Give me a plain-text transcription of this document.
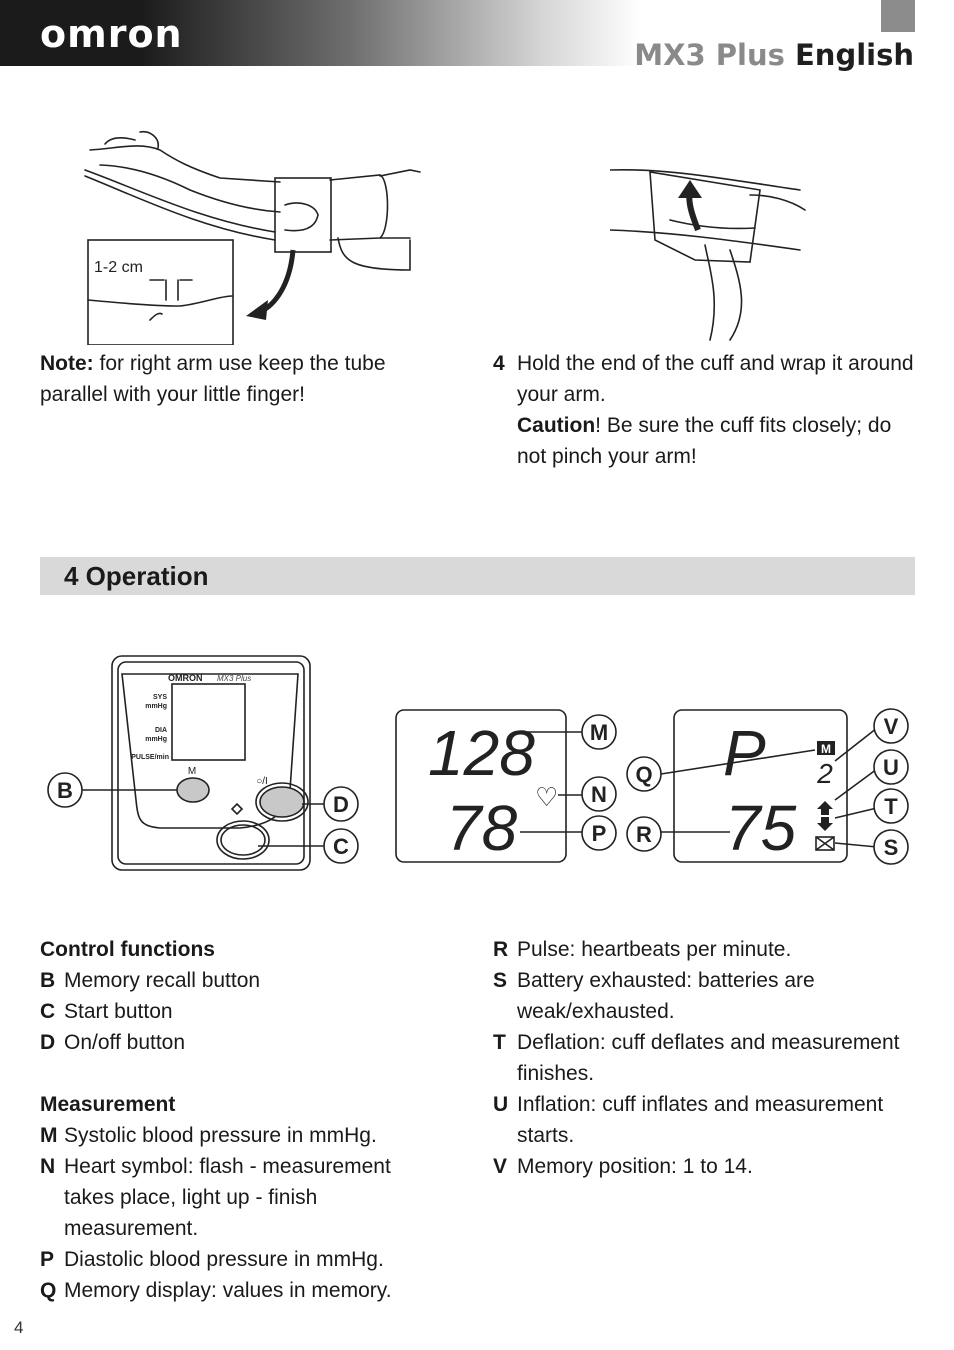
omron	MX3 Plus English
1-2 cm
Note: for right arm use keep the tube parallel with your little finger!
4 Hold the end of the cuff and wrap it around your arm.
Caution! Be sure the cuff fits closely; do not pinch your arm!
4 Operation
OMRON MX3 Plus
SYS
mmHg
DIA
mmHg
PULSE/min
M
○/I
B
D
C
128
78 ♡
M
N
P
M
2
P
75
Q
R
V
U
T
S
Control functions
B Memory recall button
C Start button
D On/off button
Measurement
M Systolic blood pressure in mmHg.
N Heart symbol: flash - measurement takes place, light up - finish measurement.
P Diastolic blood pressure in mmHg.
Q Memory display: values in memory.
R Pulse: heartbeats per minute.
S Battery exhausted: batteries are weak/exhausted.
T Deflation: cuff deflates and measurement finishes.
U Inflation: cuff inflates and measurement starts.
V Memory position: 1 to 14.
4
